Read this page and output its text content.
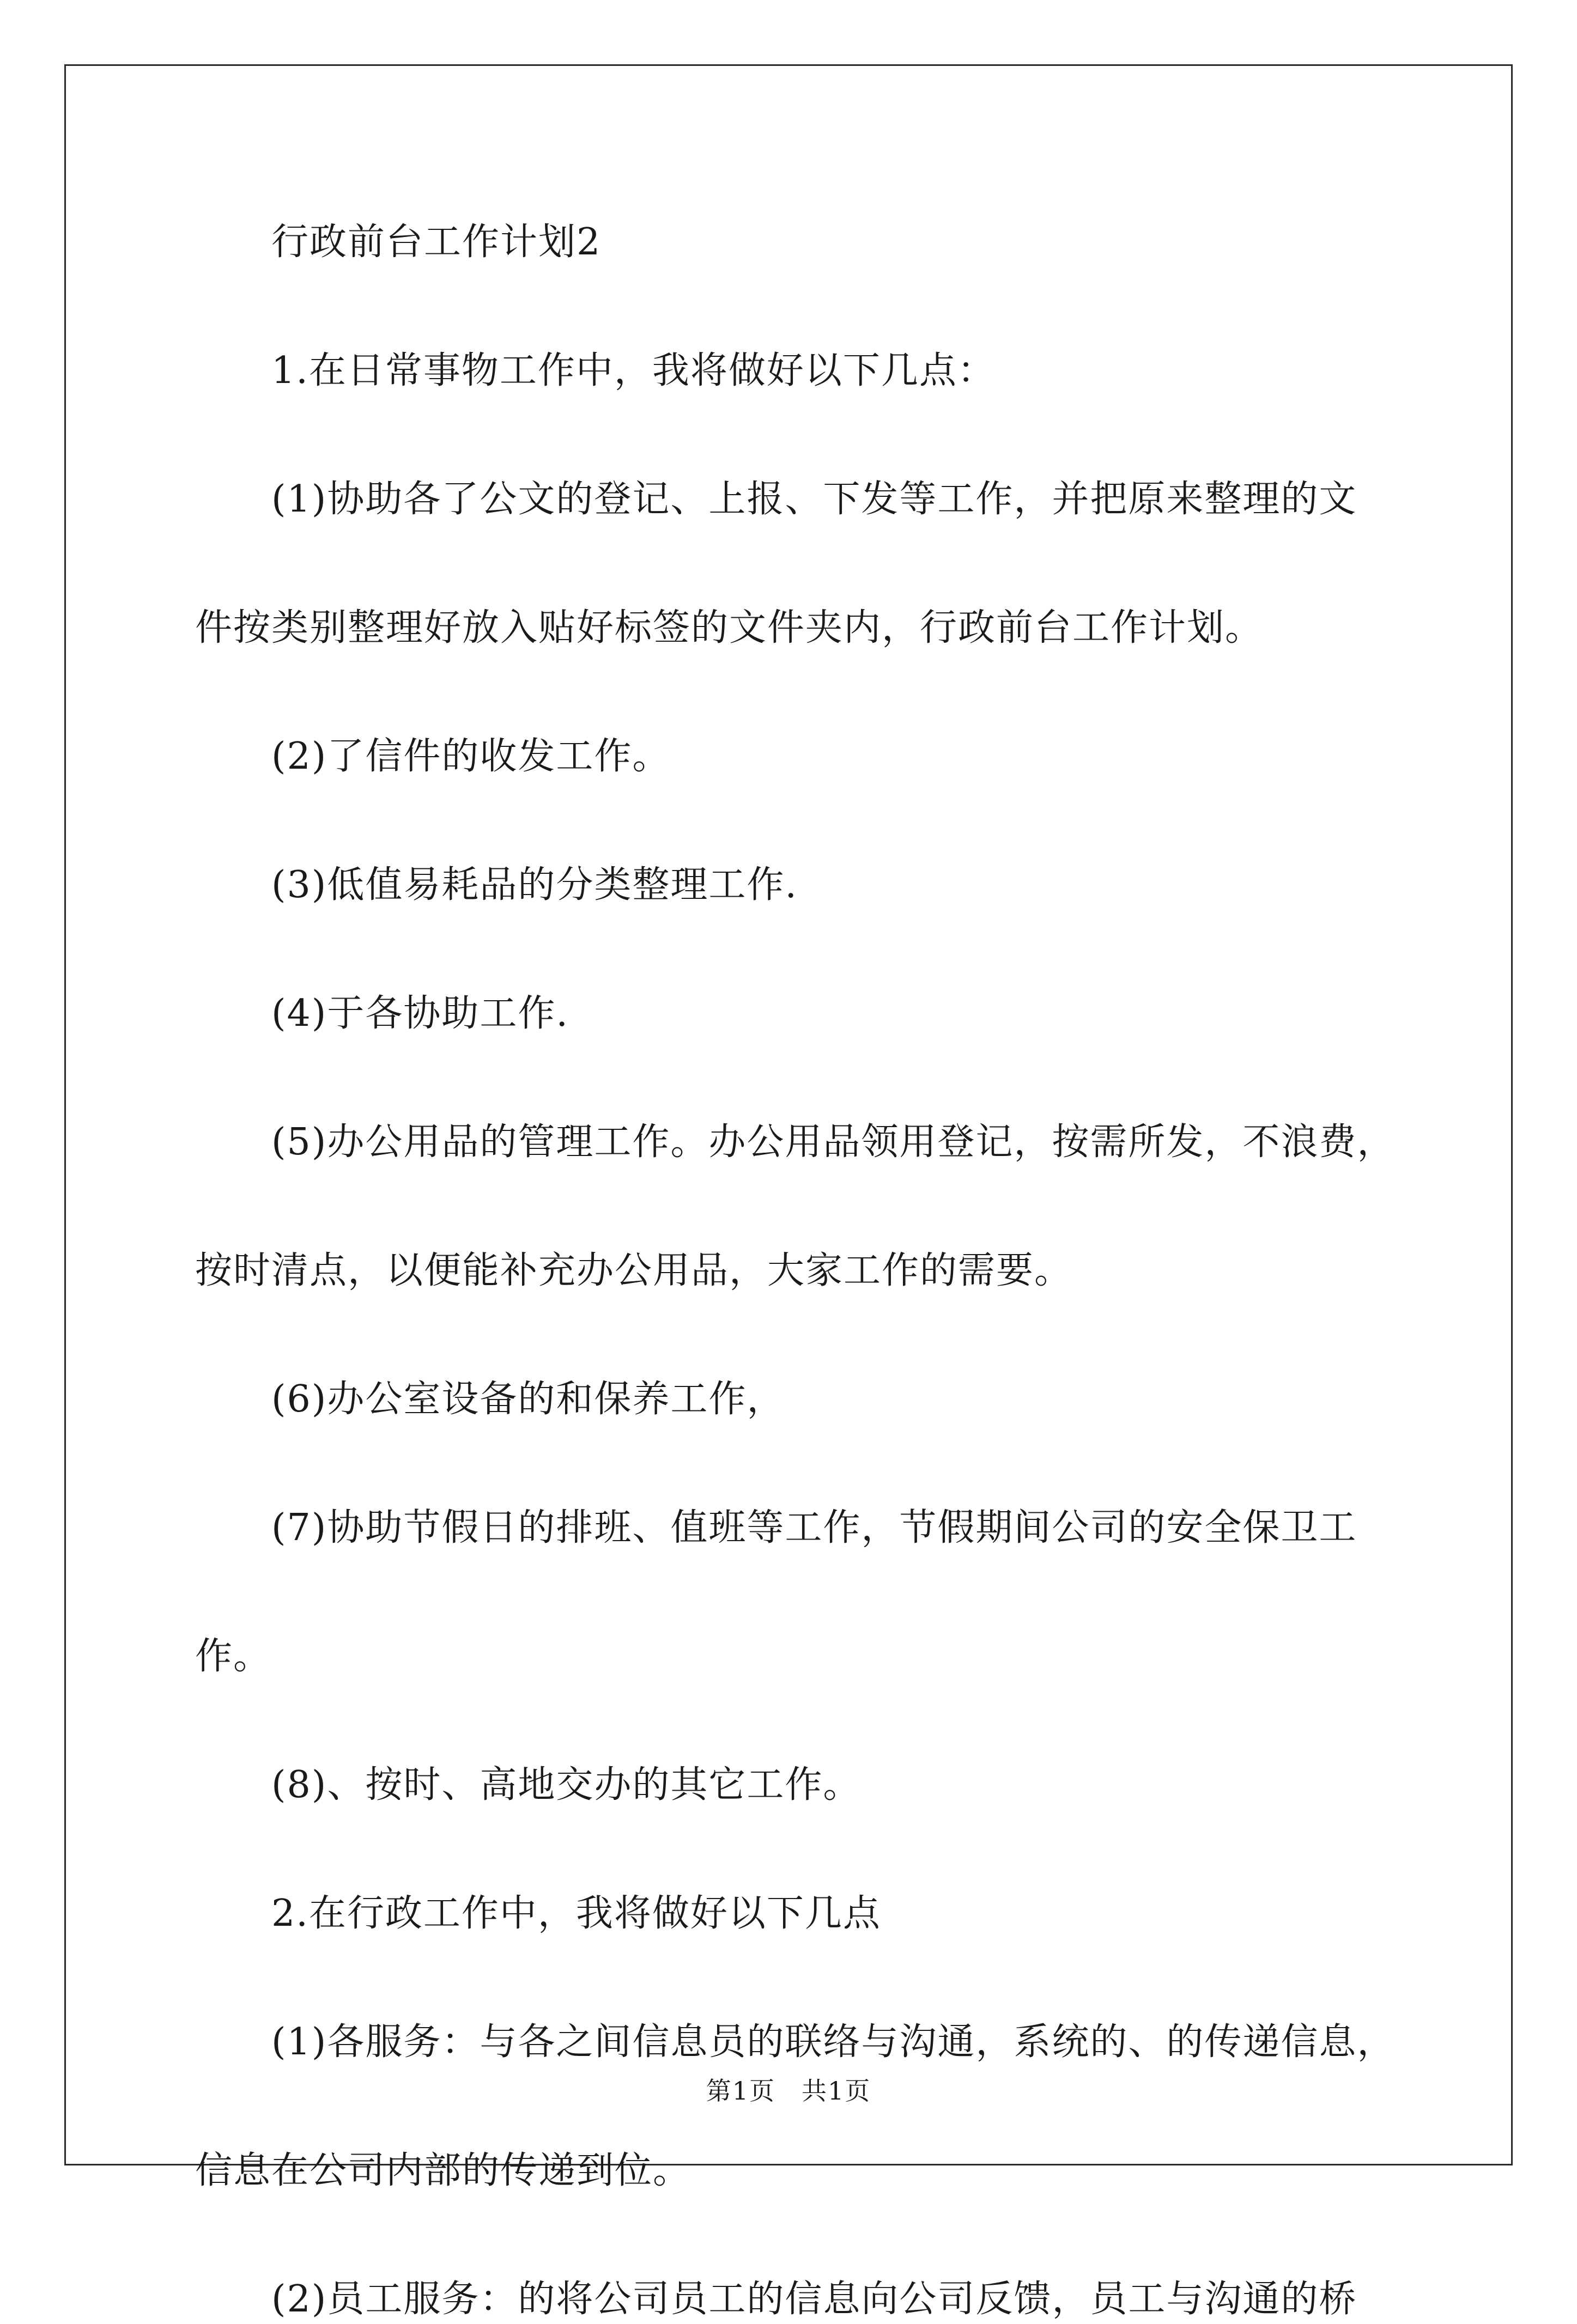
行政前台工作计划2
1.在日常事物工作中，我将做好以下几点：
(1)协助各了公文的登记、上报、下发等工作，并把原来整理的文
件按类别整理好放入贴好标签的文件夹内，行政前台工作计划。
(2)了信件的收发工作。
(3)低值易耗品的分类整理工作.
(4)于各协助工作.
(5)办公用品的管理工作。办公用品领用登记，按需所发，不浪费，
按时清点，以便能补充办公用品，大家工作的需要。
(6)办公室设备的和保养工作，
(7)协助节假日的排班、值班等工作，节假期间公司的安全保卫工
作。
(8)、按时、高地交办的其它工作。
2.在行政工作中，我将做好以下几点
(1)各服务：与各之间信息员的联络与沟通，系统的、的传递信息，
信息在公司内部的传递到位。
(2)员工服务：的将公司员工的信息向公司反馈，员工与沟通的桥
第1页　共1页
